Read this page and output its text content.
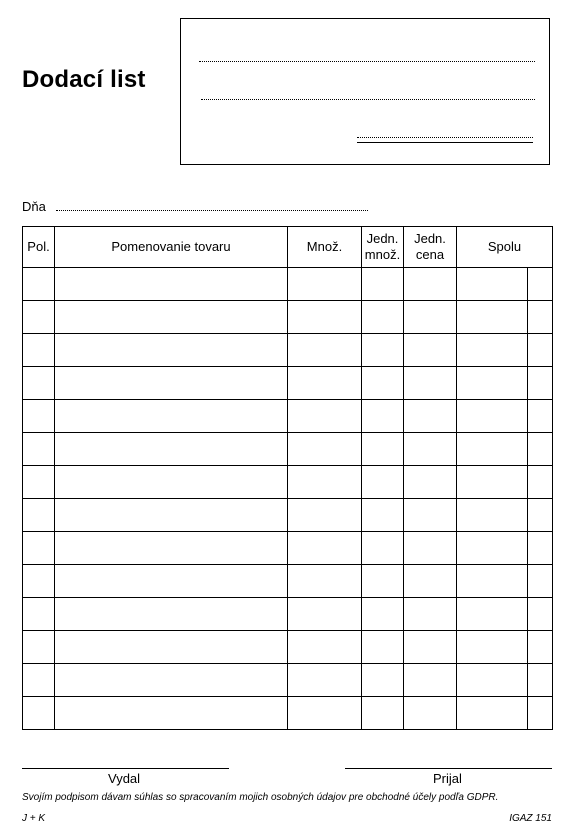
Dodací list
Dňa
Pol.	Pomenovanie tovaru	Množ.	Jedn. množ.	Jedn. cena	Spolu	

Vydal	Prijal
Svojím podpisom dávam súhlas so spracovaním mojich osobných údajov pre obchodné účely podľa GDPR.
J + K	IGAZ 151
